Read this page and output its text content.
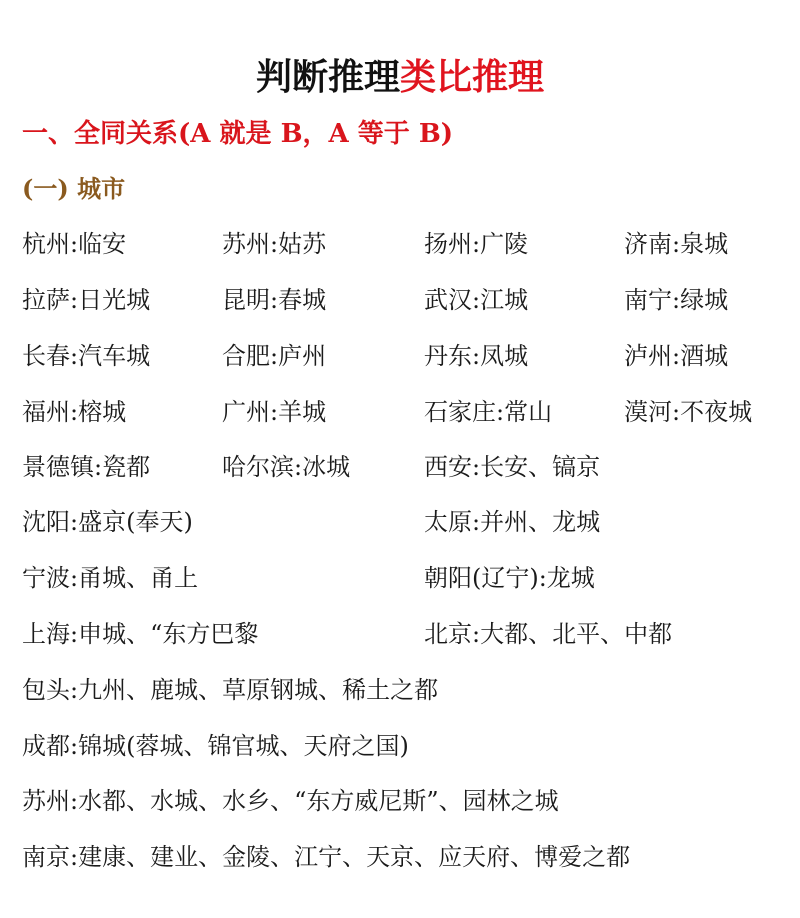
判断推理类比推理
一、全同关系(A 就是 B，A 等于 B)
(一) 城市
杭州:临安	苏州:姑苏	扬州:广陵	济南:泉城
拉萨:日光城	昆明:春城	武汉:江城	南宁:绿城
长春:汽车城	合肥:庐州	丹东:凤城	泸州:酒城
福州:榕城	广州:羊城	石家庄:常山	漠河:不夜城
景德镇:瓷都	哈尔滨:冰城	西安:长安、镐京
沈阳:盛京(奉天)	太原:并州、龙城
宁波:甬城、甬上	朝阳(辽宁):龙城
上海:申城、“东方巴黎	北京:大都、北平、中都
包头:九州、鹿城、草原钢城、稀土之都
成都:锦城(蓉城、锦官城、天府之国)
苏州:水都、水城、水乡、“东方威尼斯”、园林之城
南京:建康、建业、金陵、江宁、天京、应天府、博爱之都
